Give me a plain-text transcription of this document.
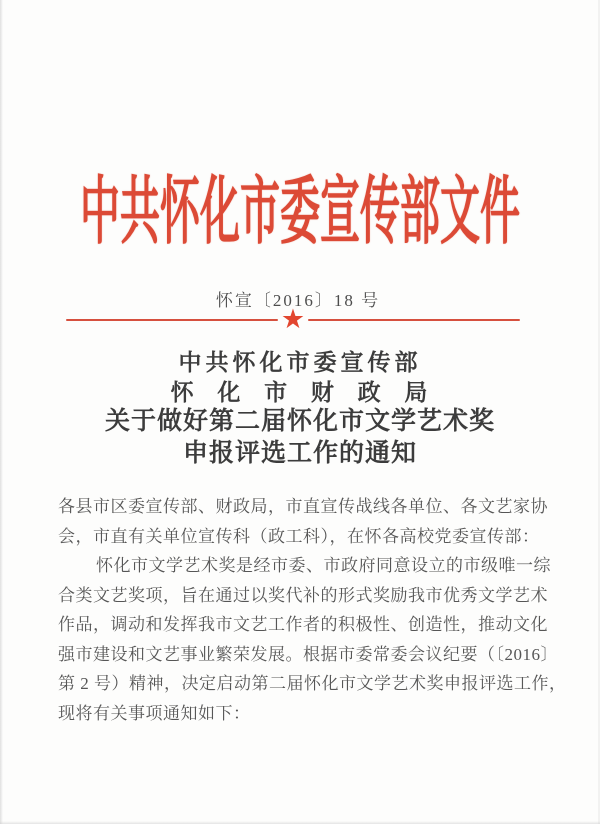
中共怀化市委宣传部文件
怀宣〔2016〕18 号
★
中共怀化市委宣传部
怀 化 市 财 政 局
关于做好第二届怀化市文学艺术奖
申报评选工作的通知
各县市区委宣传部、财政局，市直宣传战线各单位、各文艺家协
会，市直有关单位宣传科（政工科），在怀各高校党委宣传部：
怀化市文学艺术奖是经市委、市政府同意设立的市级唯一综
合类文艺奖项，旨在通过以奖代补的形式奖励我市优秀文学艺术
作品，调动和发挥我市文艺工作者的积极性、创造性，推动文化
强市建设和文艺事业繁荣发展。根据市委常委会议纪要（〔2016〕
第 2 号）精神，决定启动第二届怀化市文学艺术奖申报评选工作，
现将有关事项通知如下：
